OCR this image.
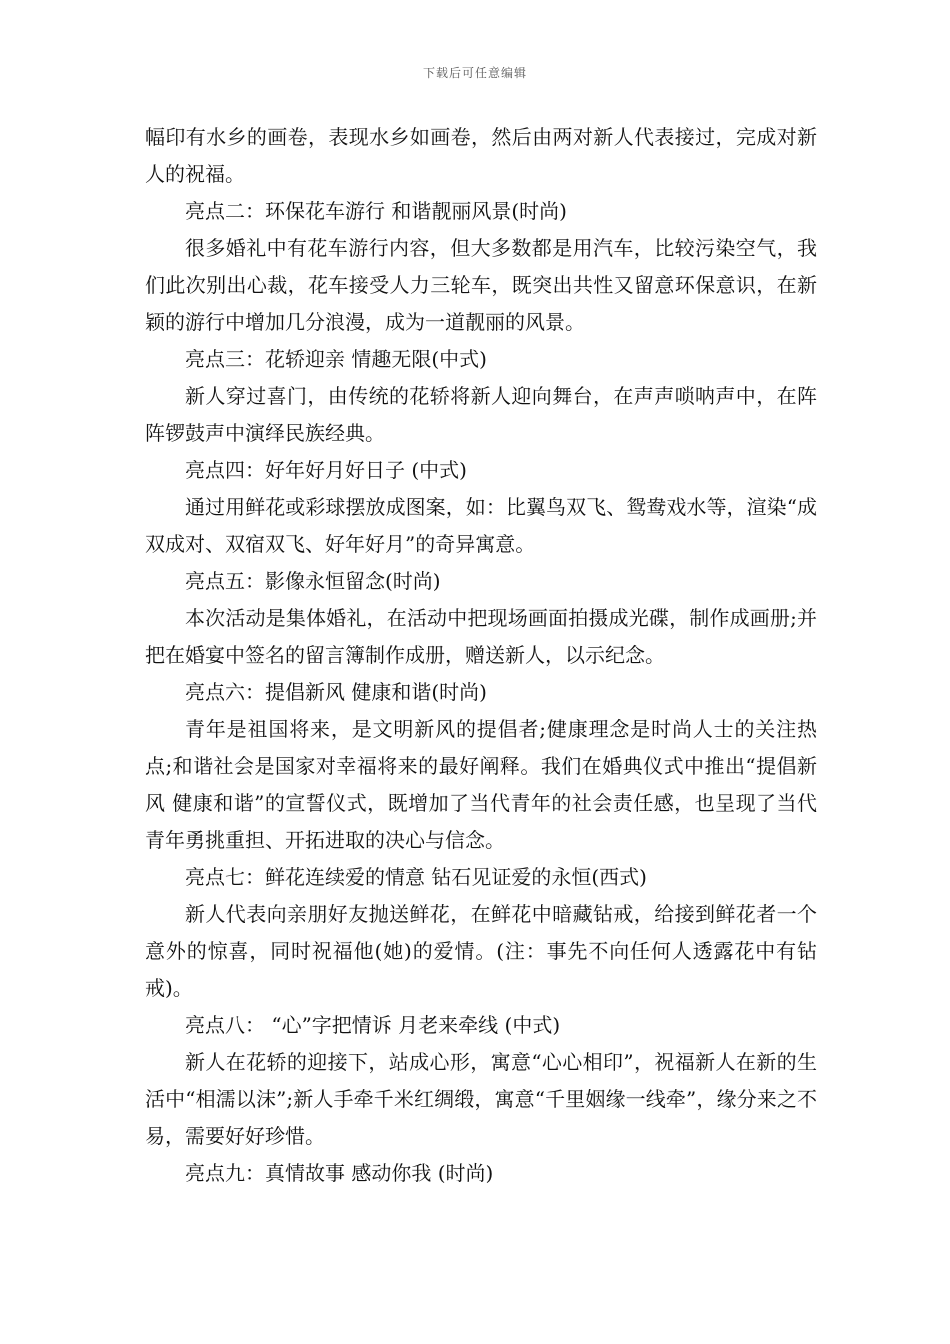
下载后可任意编辑

幅印有水乡的画卷，表现水乡如画卷，然后由两对新人代表接过，完成对新人的祝福。

亮点二：环保花车游行 和谐靓丽风景(时尚)

很多婚礼中有花车游行内容，但大多数都是用汽车，比较污染空气，我们此次别出心裁，花车接受人力三轮车，既突出共性又留意环保意识，在新颖的游行中增加几分浪漫，成为一道靓丽的风景。

亮点三：花轿迎亲 情趣无限(中式)

新人穿过喜门，由传统的花轿将新人迎向舞台，在声声唢呐声中，在阵阵锣鼓声中演绎民族经典。

亮点四：好年好月好日子 (中式)

通过用鲜花或彩球摆放成图案，如：比翼鸟双飞、鸳鸯戏水等，渲染“成双成对、双宿双飞、好年好月”的奇异寓意。

亮点五：影像永恒留念(时尚)

本次活动是集体婚礼，在活动中把现场画面拍摄成光碟，制作成画册;并把在婚宴中签名的留言簿制作成册，赠送新人，以示纪念。

亮点六：提倡新风 健康和谐(时尚)

青年是祖国将来，是文明新风的提倡者;健康理念是时尚人士的关注热点;和谐社会是国家对幸福将来的最好阐释。我们在婚典仪式中推出“提倡新风 健康和谐”的宣誓仪式，既增加了当代青年的社会责任感，也呈现了当代青年勇挑重担、开拓进取的决心与信念。

亮点七：鲜花连续爱的情意 钻石见证爱的永恒(西式)

新人代表向亲朋好友抛送鲜花，在鲜花中暗藏钻戒，给接到鲜花者一个意外的惊喜，同时祝福他(她)的爱情。(注：事先不向任何人透露花中有钻戒)。

亮点八： “心”字把情诉 月老来牵线 (中式)

新人在花轿的迎接下，站成心形，寓意“心心相印”，祝福新人在新的生活中“相濡以沫”;新人手牵千米红绸缎，寓意“千里姻缘一线牵”，缘分来之不易，需要好好珍惜。

亮点九：真情故事 感动你我 (时尚)
